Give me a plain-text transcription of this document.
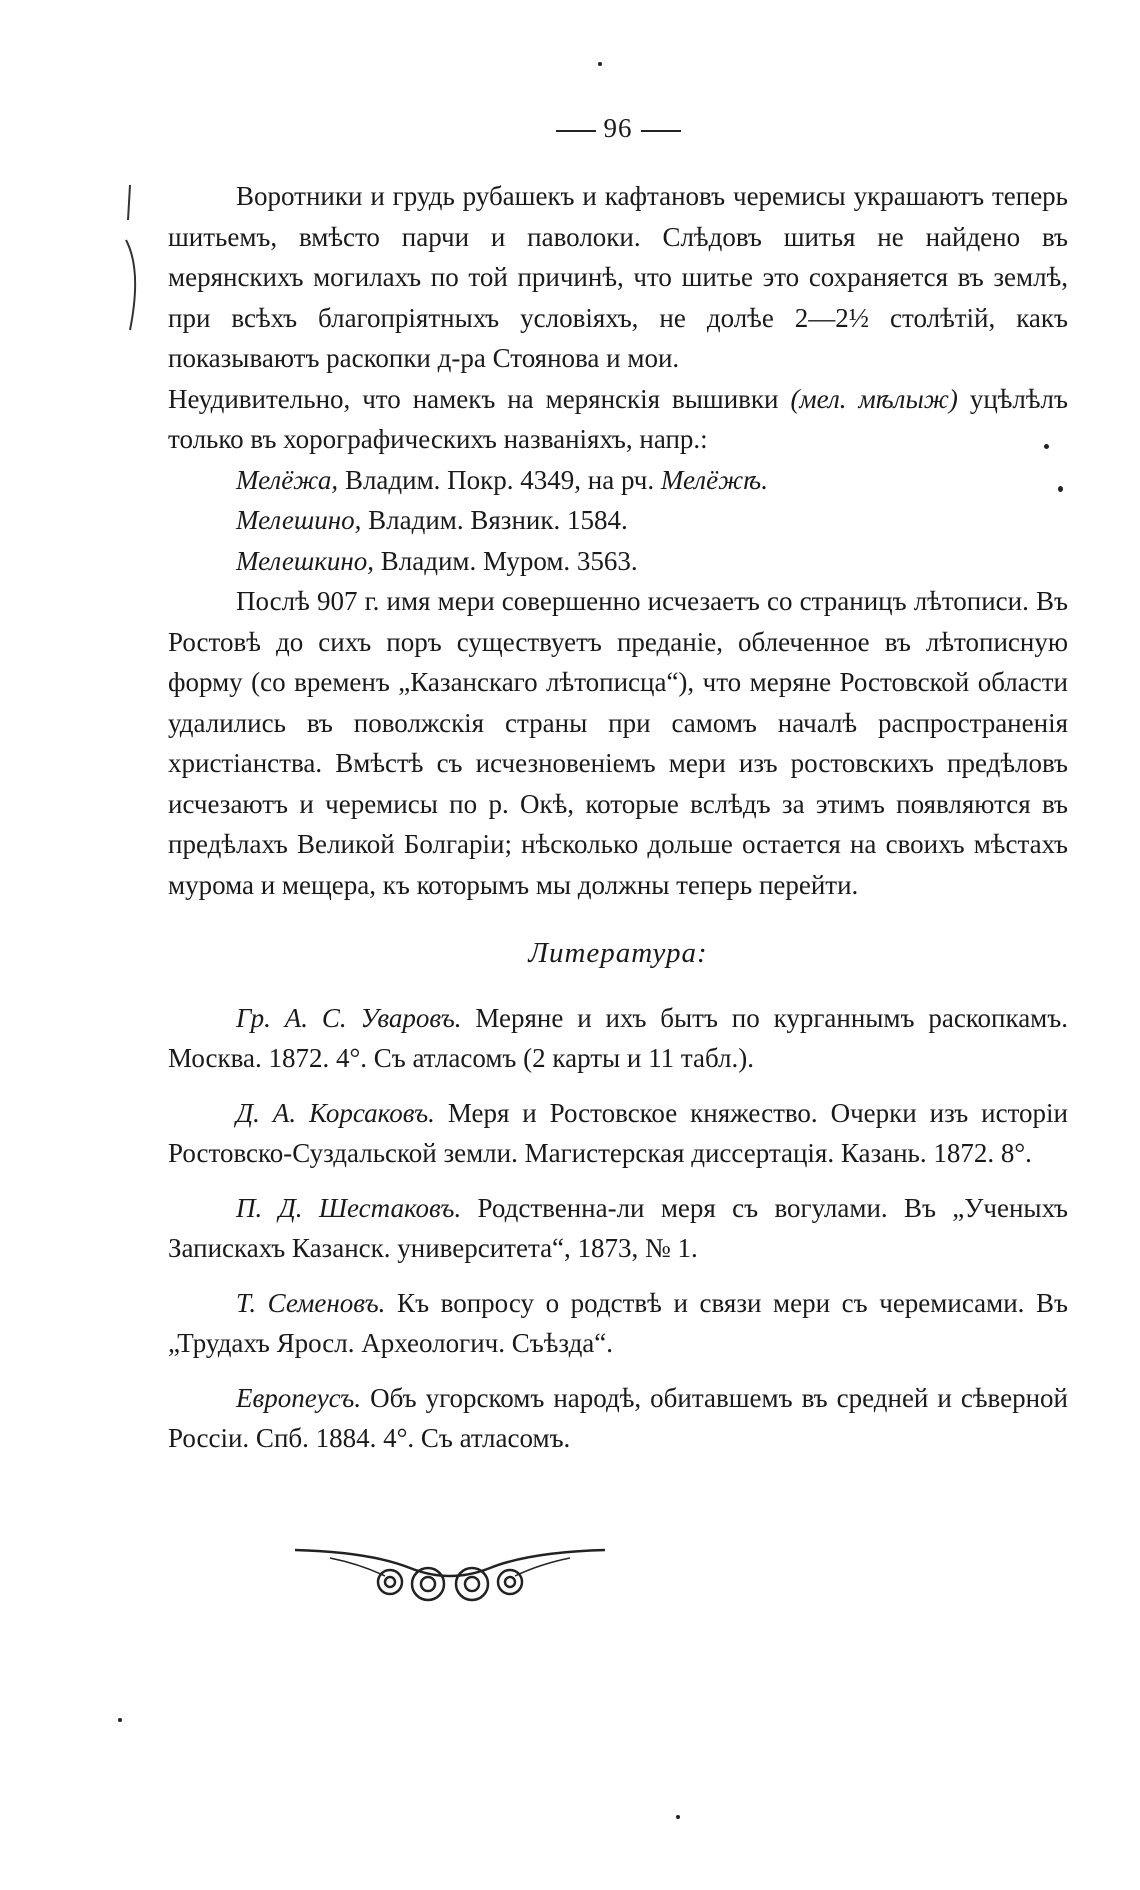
96

Воротники и грудь рубашекъ и кафтановъ черемисы украшаютъ теперь шитьемъ, вмѣсто парчи и паволоки. Слѣдовъ шитья не найдено въ мерянскихъ могилахъ по той причинѣ, что шитье это сохраняется въ землѣ, при всѣхъ благопріятныхъ условіяхъ, не долѣе 2—2½ столѣтій, какъ показываютъ раскопки д-ра Стоянова и мои.

Неудивительно, что намекъ на мерянскія вышивки (мел. мѣлыж) уцѣлѣлъ только въ хорографическихъ названіяхъ, напр.:

Мелёжа, Владим. Покр. 4349, на рч. Мелёжѣ.

Мелешино, Владим. Вязник. 1584.

Мелешкино, Владим. Муром. 3563.

Послѣ 907 г. имя мери совершенно исчезаетъ со страницъ лѣтописи. Въ Ростовѣ до сихъ поръ существуетъ преданіе, облеченное въ лѣтописную форму (со временъ „Казанскаго лѣтописца“), что меряне Ростовской области удалились въ поволжскія страны при самомъ началѣ распространенія христіанства. Вмѣстѣ съ исчезновеніемъ мери изъ ростовскихъ предѣловъ исчезаютъ и черемисы по р. Окѣ, которые вслѣдъ за этимъ появляются въ предѣлахъ Великой Болгаріи; нѣсколько дольше остается на своихъ мѣстахъ мурома и мещера, къ которымъ мы должны теперь перейти.

Литература:

Гр. А. С. Уваровъ. Меряне и ихъ бытъ по курганнымъ раскопкамъ. Москва. 1872. 4°. Съ атласомъ (2 карты и 11 табл.).

Д. А. Корсаковъ. Меря и Ростовское княжество. Очерки изъ исторіи Ростовско-Суздальской земли. Магистерская диссертація. Казань. 1872. 8°.

П. Д. Шестаковъ. Родственна-ли меря съ вогулами. Въ „Ученыхъ Запискахъ Казанск. университета“, 1873, № 1.

Т. Семеновъ. Къ вопросу о родствѣ и связи мери съ черемисами. Въ „Трудахъ Яросл. Археологич. Съѣзда“.

Европеусъ. Объ угорскомъ народѣ, обитавшемъ въ средней и сѣверной Россіи. Спб. 1884. 4°. Съ атласомъ.
